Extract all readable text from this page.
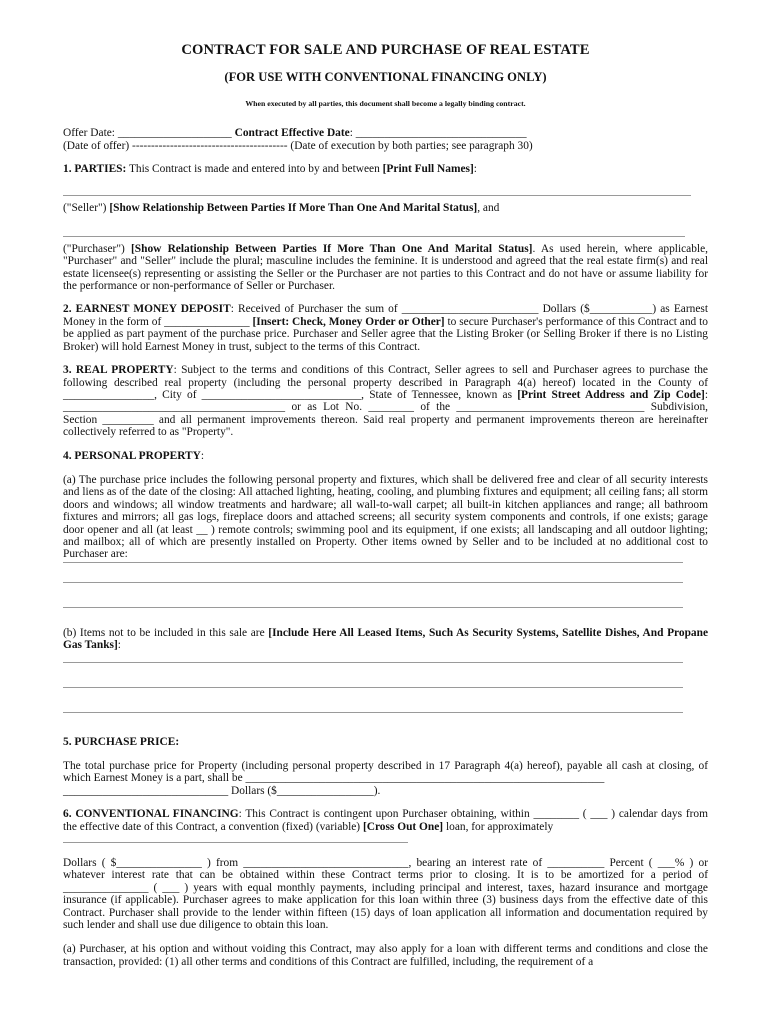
CONTRACT FOR SALE AND PURCHASE OF REAL ESTATE

(FOR USE WITH CONVENTIONAL FINANCING ONLY)

When executed by all parties, this document shall become a legally binding contract.

Offer Date: ____________________ Contract Effective Date: ______________________________

(Date of offer) ----------------------------------------- (Date of execution by both parties; see paragraph 30)

1. PARTIES: This Contract is made and entered into by and between [Print Full Names]:

("Seller") [Show Relationship Between Parties If More Than One And Marital Status], and

("Purchaser") [Show Relationship Between Parties If More Than One And Marital Status]. As used herein, where applicable, "Purchaser" and "Seller" include the plural; masculine includes the feminine. It is understood and agreed that the real estate firm(s) and real estate licensee(s) representing or assisting the Seller or the Purchaser are not parties to this Contract and do not have or assume liability for the performance or non-performance of Seller or Purchaser.

2. EARNEST MONEY DEPOSIT: Received of Purchaser the sum of ________________________ Dollars ($___________) as Earnest Money in the form of _______________ [Insert: Check, Money Order or Other] to secure Purchaser's performance of this Contract and to be applied as part payment of the purchase price. Purchaser and Seller agree that the Listing Broker (or Selling Broker if there is no Listing Broker) will hold Earnest Money in trust, subject to the terms of this Contract.

3. REAL PROPERTY: Subject to the terms and conditions of this Contract, Seller agrees to sell and Purchaser agrees to purchase the following described real property (including the personal property described in Paragraph 4(a) hereof) located in the County of ________________, City of ____________________________, State of Tennessee, known as [Print Street Address and Zip Code]: _______________________________________ or as Lot No. ________ of the _________________________________ Subdivision, Section _________ and all permanent improvements thereon. Said real property and permanent improvements thereon are hereinafter collectively referred to as "Property".

4. PERSONAL PROPERTY:

(a) The purchase price includes the following personal property and fixtures, which shall be delivered free and clear of all security interests and liens as of the date of the closing: All attached lighting, heating, cooling, and plumbing fixtures and equipment; all ceiling fans; all storm doors and windows; all window treatments and hardware; all wall-to-wall carpet; all built-in kitchen appliances and range; all bathroom fixtures and mirrors; all gas logs, fireplace doors and attached screens; all security system components and controls, if one exists; garage door opener and all (at least __ ) remote controls; swimming pool and its equipment, if one exists; all landscaping and all outdoor lighting; and mailbox; all of which are presently installed on Property. Other items owned by Seller and to be included at no additional cost to Purchaser are:

(b) Items not to be included in this sale are [Include Here All Leased Items, Such As Security Systems, Satellite Dishes, And Propane Gas Tanks]:

5. PURCHASE PRICE:

The total purchase price for Property (including personal property described in 17 Paragraph 4(a) hereof), payable all cash at closing, of which Earnest Money is a part, shall be _______________________________________________________________

_____________________________ Dollars ($_________________).

6. CONVENTIONAL FINANCING: This Contract is contingent upon Purchaser obtaining, within ________ ( ___ ) calendar days from the effective date of this Contract, a convention (fixed) (variable) [Cross Out One] loan, for approximately

Dollars ( $_______________ ) from _____________________________, bearing an interest rate of __________ Percent ( ___% ) or whatever interest rate that can be obtained within these Contract terms prior to closing. It is to be amortized for a period of _______________ ( ___ ) years with equal monthly payments, including principal and interest, taxes, hazard insurance and mortgage insurance (if applicable). Purchaser agrees to make application for this loan within three (3) business days from the effective date of this Contract. Purchaser shall provide to the lender within fifteen (15) days of loan application all information and documentation required by such lender and shall use due diligence to obtain this loan.

(a) Purchaser, at his option and without voiding this Contract, may also apply for a loan with different terms and conditions and close the transaction, provided: (1) all other terms and conditions of this Contract are fulfilled, including, the requirement of a
